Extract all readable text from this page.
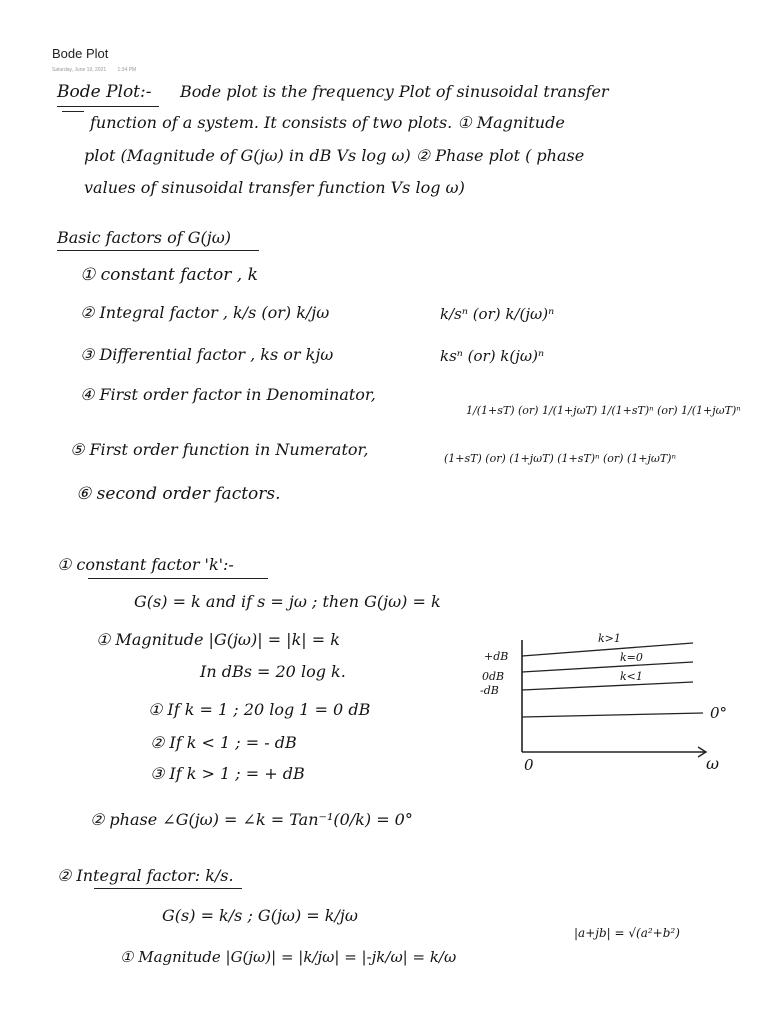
Bode Plot
Saturday, June 19, 2021 1:34 PM
Bode Plot:- Bode plot is the frequency Plot of sinusoidal transfer
function of a system. It consists of two plots. ① Magnitude
plot (Magnitude of G(jω) in dB Vs log ω) ② Phase plot ( phase
values of sinusoidal transfer function Vs log ω)
Basic factors of G(jω)
① constant factor , k
② Integral factor , k/s (or) k/jω	k/sⁿ (or) k/(jω)ⁿ
③ Differential factor , ks or kjω	ksⁿ (or) k(jω)ⁿ
④ First order factor in Denominator,
1/(1+sT) (or) 1/(1+jωT) 1/(1+sT)ⁿ (or) 1/(1+jωT)ⁿ
⑤ First order function in Numerator,	(1+sT) (or) (1+jωT) (1+sT)ⁿ (or) (1+jωT)ⁿ
⑥ second order factors.
① constant factor 'k':-
G(s) = k and if s = jω ; then G(jω) = k
① Magnitude |G(jω)| = |k| = k
In dBs = 20 log k.
① If k = 1 ; 20 log 1 = 0 dB
② If k < 1 ; = - dB
③ If k > 1 ; = + dB
② phase ∠G(jω) = ∠k = Tan⁻¹(0/k) = 0°
+dB
0dB
-dB
k>1
k=0
k<1
0°
0	ω
② Integral factor: k/s.
G(s) = k/s ; G(jω) = k/jω
① Magnitude |G(jω)| = |k/jω| = |-jk/ω| = k/ω
|a+jb| = √(a²+b²)
